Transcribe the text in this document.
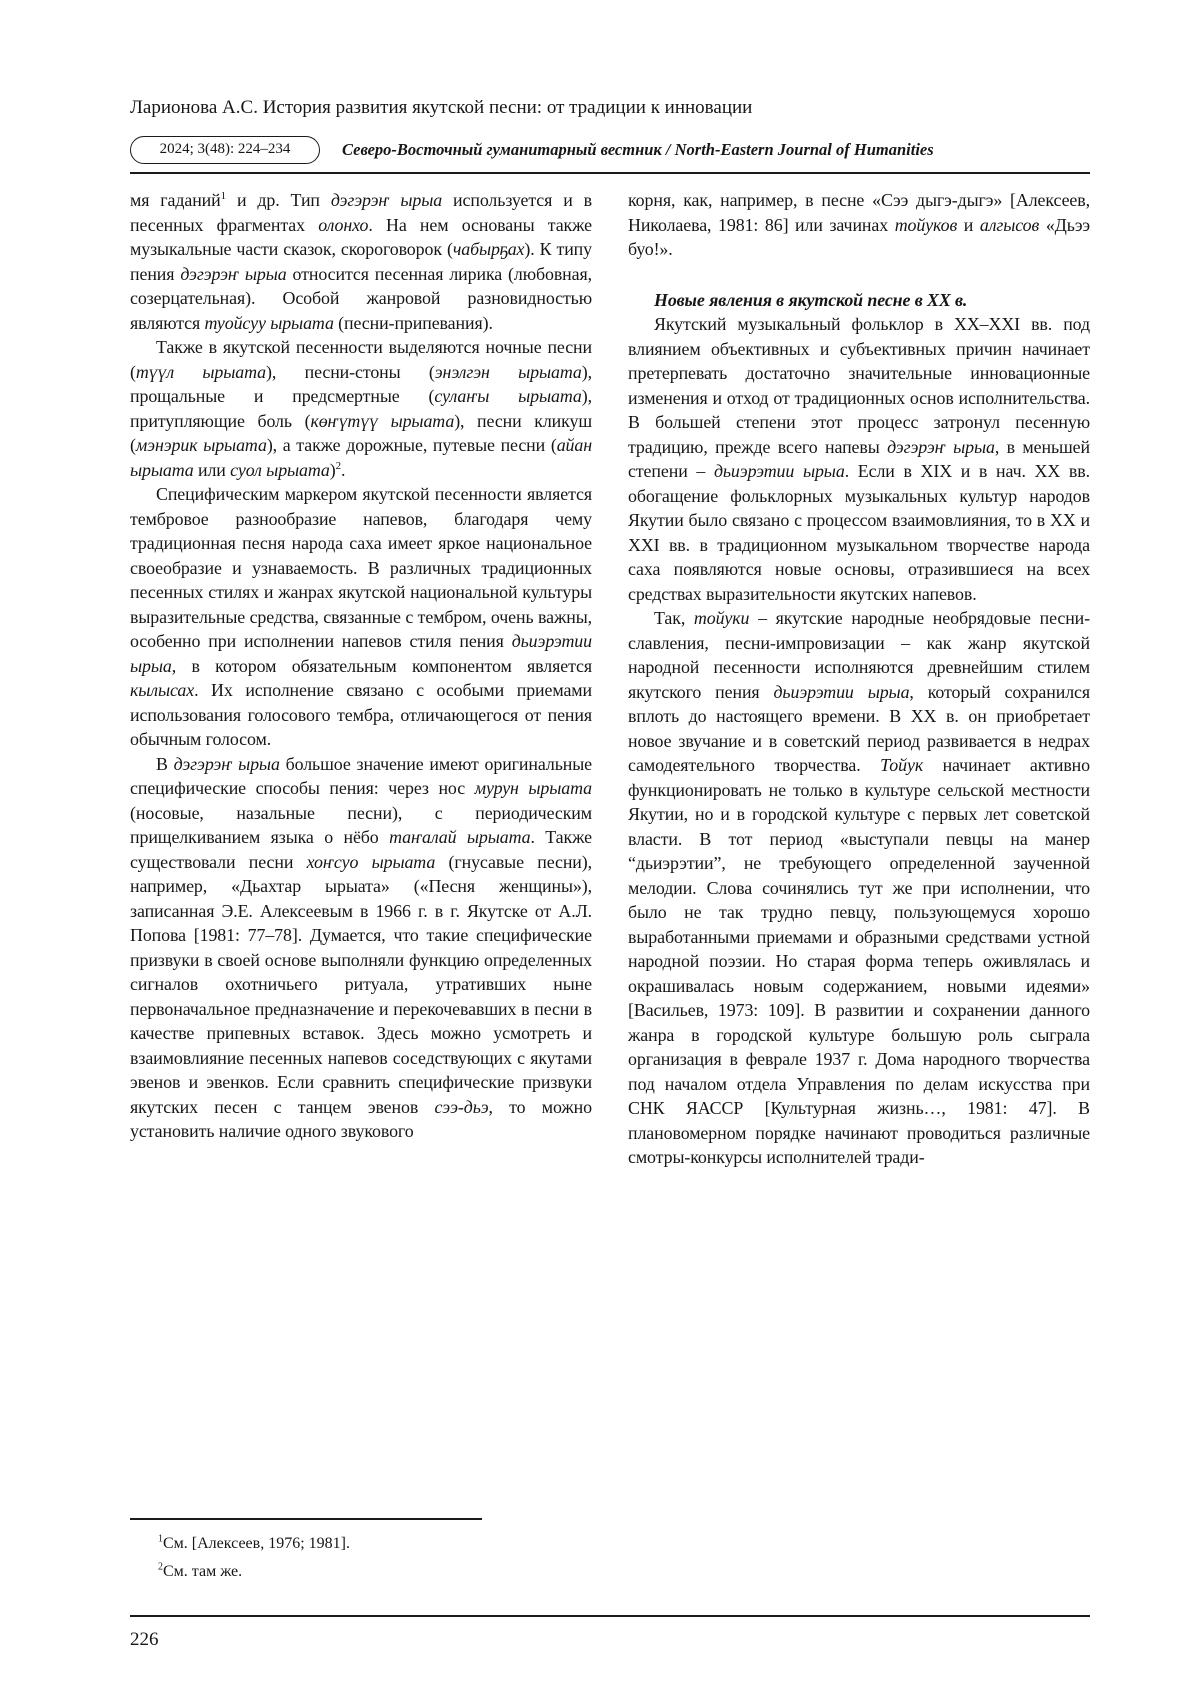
Ларионова А.С. История развития якутской песни: от традиции к инновации
2024; 3(48): 224–234	Северо-Восточный гуманитарный вестник / North-Eastern Journal of Humanities

мя гаданий$^1$ и др. Тип дэгэрэҥ ырыа используется и в песенных фрагментах олонхо. На нем основаны также музыкальные части сказок, скороговорок (чабырҕах). К типу пения дэгэрэҥ ырыа относится песенная лирика (любовная, созерцательная). Особой жанровой разновидностью являются туойсуу ырыата (песни-припевания).

Также в якутской песенности выделяются ночные песни (түүл ырыата), песни-стоны (энэлгэн ырыата), прощальные и предсмертные (сулаҥы ырыата), притупляющие боль (көҥүтүү ырыата), песни кликуш (мэнэрик ырыата), а также дорожные, путевые песни (айан ырыата или суол ырыата)$^2$.

Специфическим маркером якутской песенности является тембровое разнообразие напевов, благодаря чему традиционная песня народа саха имеет яркое национальное своеобразие и узнаваемость. В различных традиционных песенных стилях и жанрах якутской национальной культуры выразительные средства, связанные с тембром, очень важны, особенно при исполнении напевов стиля пения дьиэрэтии ырыа, в котором обязательным компонентом является кылысах. Их исполнение связано с особыми приемами использования голосового тембра, отличающегося от пения обычным голосом.

В дэгэрэҥ ырыа большое значение имеют оригинальные специфические способы пения: через нос мурун ырыата (носовые, назальные песни), с периодическим прищелкиванием языка о нёбо таҥалай ырыата. Также существовали песни хоҥсуо ырыата (гнусавые песни), например, «Дьахтар ырыата» («Песня женщины»), записанная Э.Е. Алексеевым в 1966 г. в г. Якутске от А.Л. Попова [1981: 77–78]. Думается, что такие специфические призвуки в своей основе выполняли функцию определенных сигналов охотничьего ритуала, утративших ныне первоначальное предназначение и перекочевавших в песни в качестве припевных вставок. Здесь можно усмотреть и взаимовлияние песенных напевов соседствующих с якутами эвенов и эвенков. Если сравнить специфические призвуки якутских песен с танцем эвенов сээ-дьэ, то можно установить наличие одного звукового

корня, как, например, в песне «Сээ дыгэ-дыгэ» [Алексеев, Николаева, 1981: 86] или зачинах тойуков и алгысов «Дьээ буо!».

Новые явления в якутской песне в XX в.

Якутский музыкальный фольклор в XX–XXI вв. под влиянием объективных и субъективных причин начинает претерпевать достаточно значительные инновационные изменения и отход от традиционных основ исполнительства. В большей степени этот процесс затронул песенную традицию, прежде всего напевы дэгэрэҥ ырыа, в меньшей степени – дьиэрэтии ырыа. Если в XIX и в нач. XX вв. обогащение фольклорных музыкальных культур народов Якутии было связано с процессом взаимовлияния, то в XX и XXI вв. в традиционном музыкальном творчестве народа саха появляются новые основы, отразившиеся на всех средствах выразительности якутских напевов.

Так, тойуки – якутские народные необрядовые песни-славления, песни-импровизации – как жанр якутской народной песенности исполняются древнейшим стилем якутского пения дьиэрэтии ырыа, который сохранился вплоть до настоящего времени. В XX в. он приобретает новое звучание и в советский период развивается в недрах самодеятельного творчества. Тойук начинает активно функционировать не только в культуре сельской местности Якутии, но и в городской культуре с первых лет советской власти. В тот период «выступали певцы на манер “дьиэрэтии”, не требующего определенной заученной мелодии. Слова сочинялись тут же при исполнении, что было не так трудно певцу, пользующемуся хорошо выработанными приемами и образными средствами устной народной поэзии. Но старая форма теперь оживлялась и окрашивалась новым содержанием, новыми идеями» [Васильев, 1973: 109]. В развитии и сохранении данного жанра в городской культуре большую роль сыграла организация в феврале 1937 г. Дома народного творчества под началом отдела Управления по делам искусства при СНК ЯАССР [Культурная жизнь…, 1981: 47]. В плановомерном порядке начинают проводиться различные смотры-конкурсы исполнителей тради-

$^1$См. [Алексеев, 1976; 1981].
$^2$См. там же.
226
